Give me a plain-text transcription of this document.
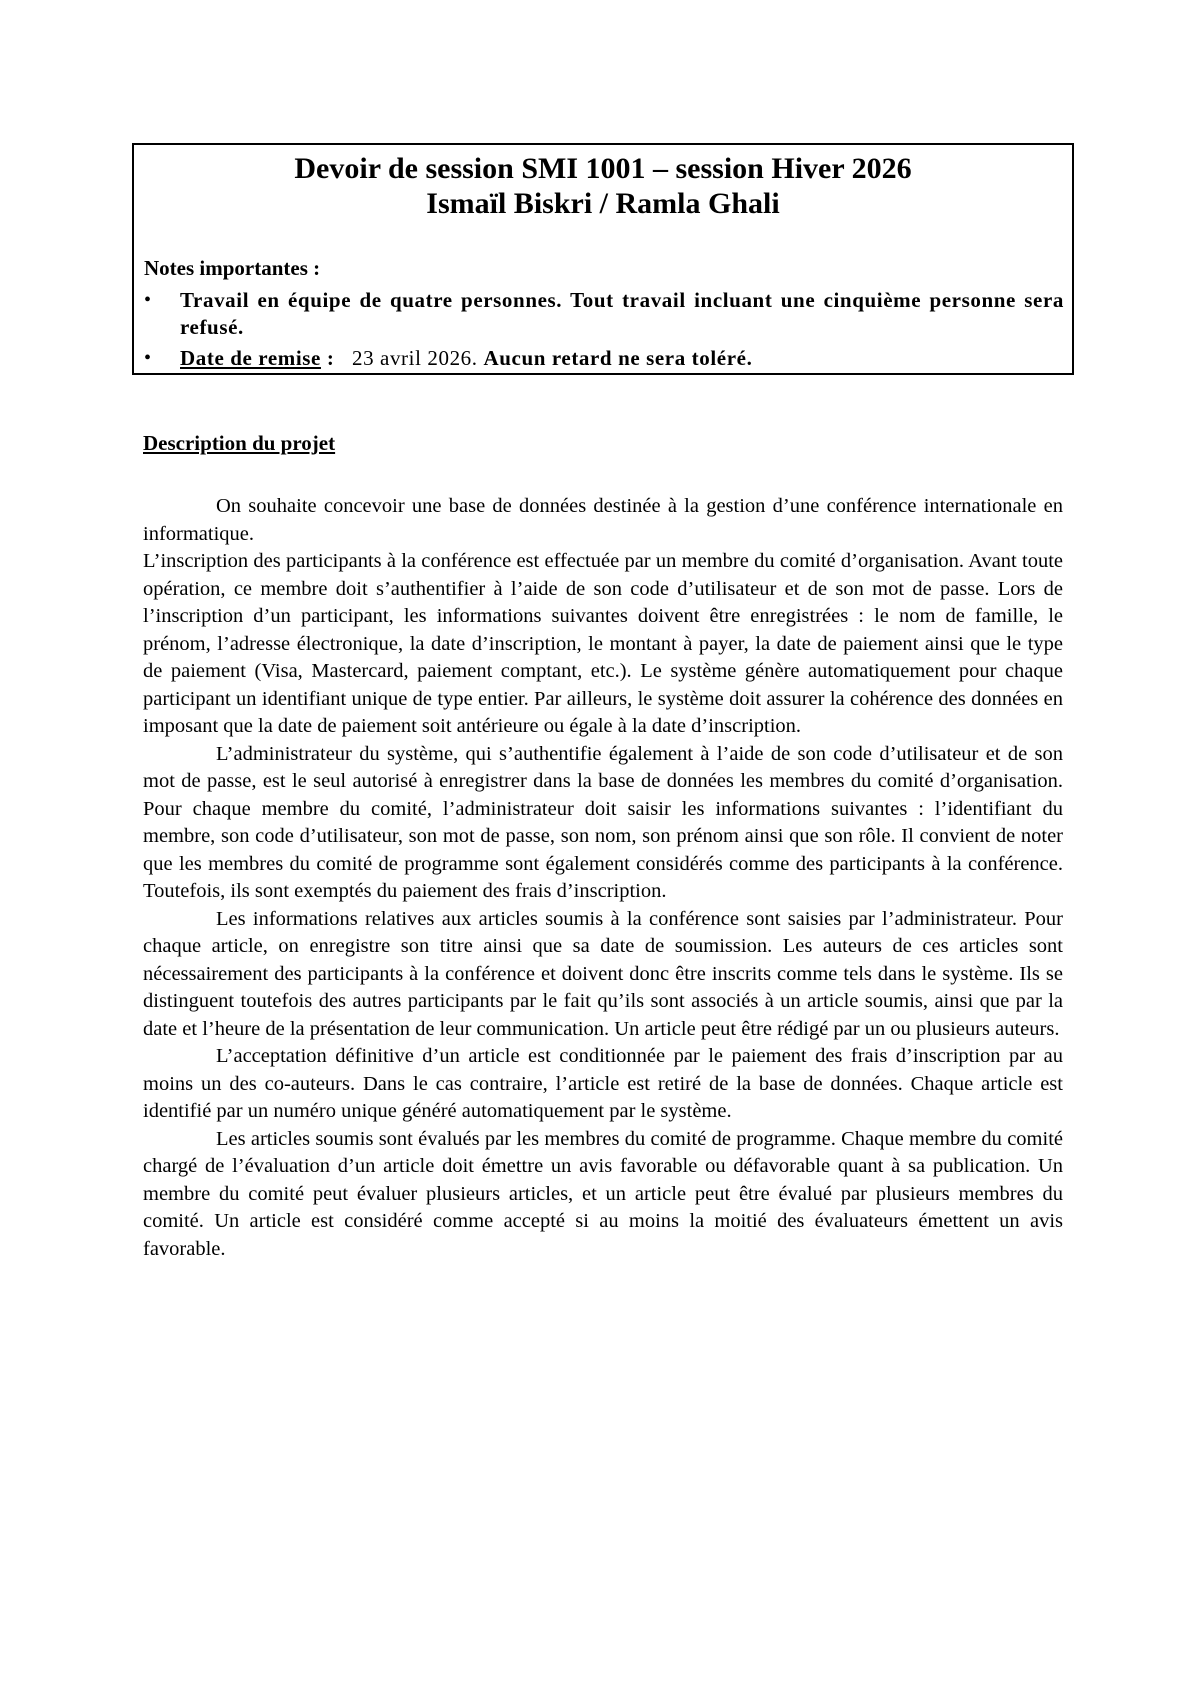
Devoir de session SMI 1001 – session Hiver 2026
Ismaïl Biskri / Ramla Ghali
Notes importantes :
•	Travail en équipe de quatre personnes. Tout travail incluant une cinquième personne sera refusé.
•	Date de remise : 23 avril 2026. Aucun retard ne sera toléré.
Description du projet

On souhaite concevoir une base de données destinée à la gestion d’une conférence internationale en informatique.

L’inscription des participants à la conférence est effectuée par un membre du comité d’organisation. Avant toute opération, ce membre doit s’authentifier à l’aide de son code d’utilisateur et de son mot de passe. Lors de l’inscription d’un participant, les informations suivantes doivent être enregistrées : le nom de famille, le prénom, l’adresse électronique, la date d’inscription, le montant à payer, la date de paiement ainsi que le type de paiement (Visa, Mastercard, paiement comptant, etc.). Le système génère automatiquement pour chaque participant un identifiant unique de type entier. Par ailleurs, le système doit assurer la cohérence des données en imposant que la date de paiement soit antérieure ou égale à la date d’inscription.

L’administrateur du système, qui s’authentifie également à l’aide de son code d’utilisateur et de son mot de passe, est le seul autorisé à enregistrer dans la base de données les membres du comité d’organisation. Pour chaque membre du comité, l’administrateur doit saisir les informations suivantes : l’identifiant du membre, son code d’utilisateur, son mot de passe, son nom, son prénom ainsi que son rôle. Il convient de noter que les membres du comité de programme sont également considérés comme des participants à la conférence. Toutefois, ils sont exemptés du paiement des frais d’inscription.

Les informations relatives aux articles soumis à la conférence sont saisies par l’administrateur. Pour chaque article, on enregistre son titre ainsi que sa date de soumission. Les auteurs de ces articles sont nécessairement des participants à la conférence et doivent donc être inscrits comme tels dans le système. Ils se distinguent toutefois des autres participants par le fait qu’ils sont associés à un article soumis, ainsi que par la date et l’heure de la présentation de leur communication. Un article peut être rédigé par un ou plusieurs auteurs.

L’acceptation définitive d’un article est conditionnée par le paiement des frais d’inscription par au moins un des co-auteurs. Dans le cas contraire, l’article est retiré de la base de données. Chaque article est identifié par un numéro unique généré automatiquement par le système.

Les articles soumis sont évalués par les membres du comité de programme. Chaque membre du comité chargé de l’évaluation d’un article doit émettre un avis favorable ou défavorable quant à sa publication. Un membre du comité peut évaluer plusieurs articles, et un article peut être évalué par plusieurs membres du comité. Un article est considéré comme accepté si au moins la moitié des évaluateurs émettent un avis favorable.
